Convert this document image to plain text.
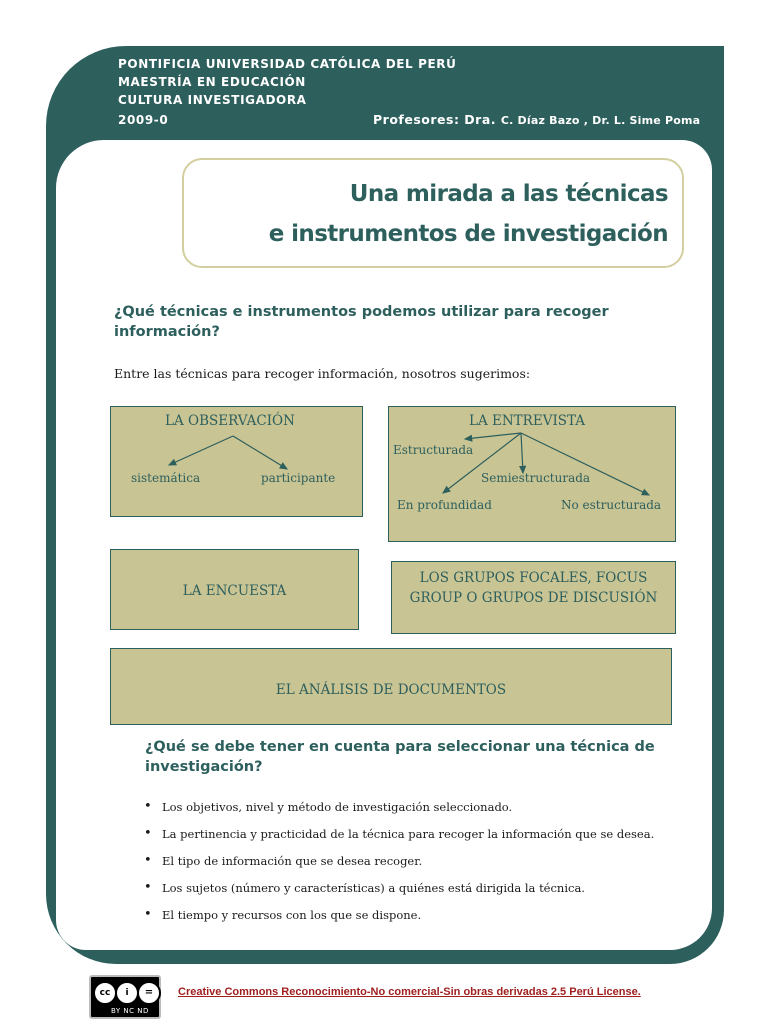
PONTIFICIA UNIVERSIDAD CATÓLICA DEL PERÚ
MAESTRÍA EN EDUCACIÓN
CULTURA INVESTIGADORA
2009-0	Profesores: Dra. C. Díaz Bazo , Dr. L. Sime Poma
Una mirada a las técnicas
e instrumentos de investigación
¿Qué técnicas e instrumentos podemos utilizar para recoger información?
Entre las técnicas para recoger información, nosotros sugerimos:
LA OBSERVACIÓN
sistemática	participante
LA ENTREVISTA
Estructurada
Semiestructurada
En profundidad	No estructurada
LA ENCUESTA
LOS GRUPOS FOCALES, FOCUS
GROUP O GRUPOS DE DISCUSIÓN
EL ANÁLISIS DE DOCUMENTOS
¿Qué se debe tener en cuenta para seleccionar una técnica de investigación?
• Los objetivos, nivel y método de investigación seleccionado.
• La pertinencia y practicidad de la técnica para recoger la información que se desea.
• El tipo de información que se desea recoger.
• Los sujetos (número y características) a quiénes está dirigida la técnica.
• El tiempo y recursos con los que se dispone.
cc	i	=
BY NC ND
Creative Commons Reconocimiento-No comercial-Sin obras derivadas 2.5 Perú License.
